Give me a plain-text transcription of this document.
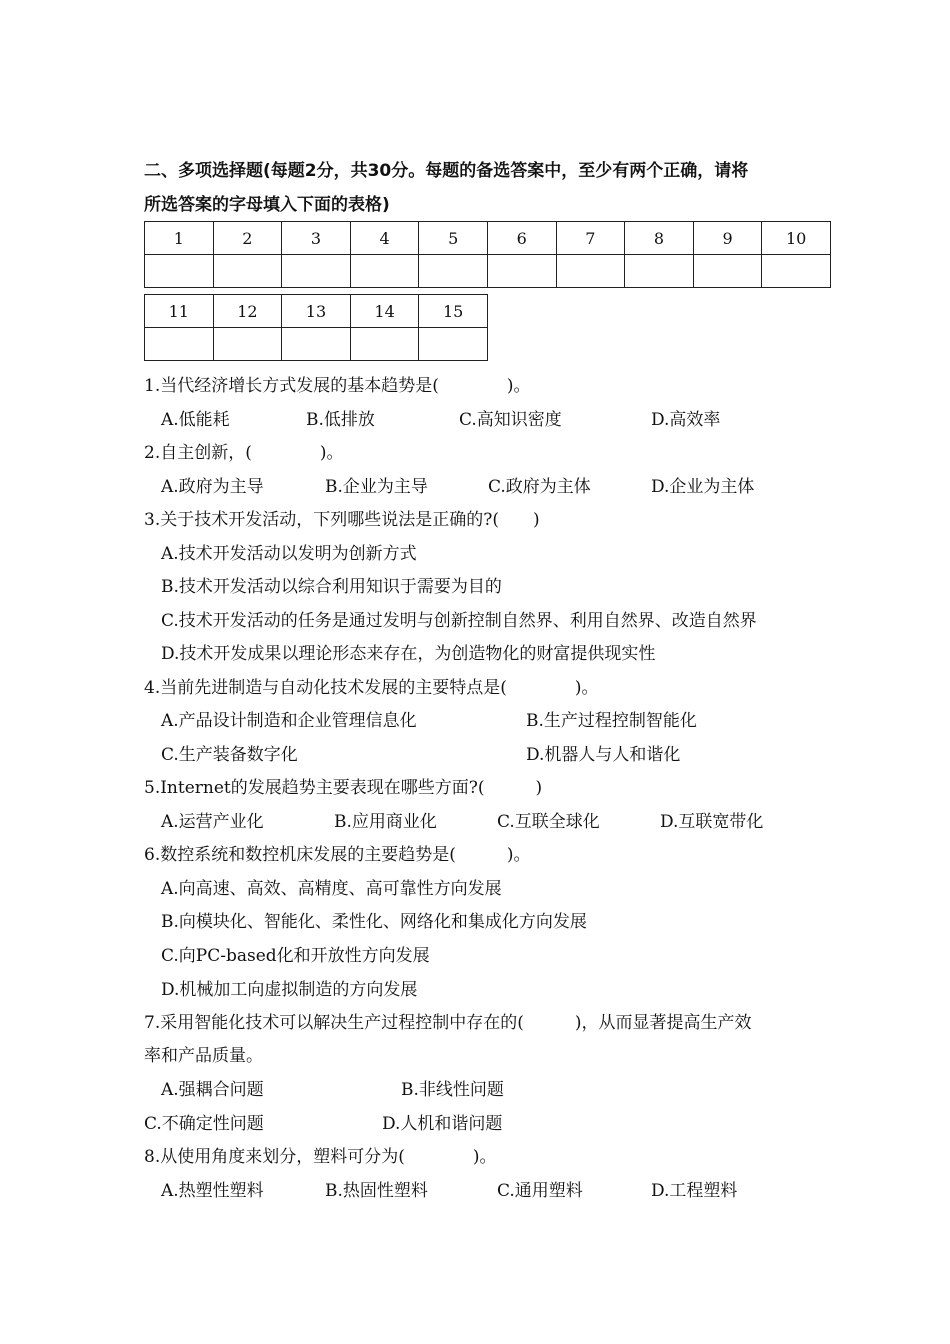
二、多项选择题(每题2分，共30分。每题的备选答案中，至少有两个正确，请将
所选答案的字母填入下面的表格)
1	2	3	4	5	6	7	8	9	10

11	12	13	14	15

1.当代经济增长方式发展的基本趋势是(　　　　)。
A.低能耗	B.低排放	C.高知识密度	D.高效率
2.自主创新，(　　　　)。
A.政府为主导	B.企业为主导	C.政府为主体	D.企业为主体
3.关于技术开发活动，下列哪些说法是正确的?(　　)
A.技术开发活动以发明为创新方式
B.技术开发活动以综合利用知识于需要为目的
C.技术开发活动的任务是通过发明与创新控制自然界、利用自然界、改造自然界
D.技术开发成果以理论形态来存在，为创造物化的财富提供现实性
4.当前先进制造与自动化技术发展的主要特点是(　　　　)。
A.产品设计制造和企业管理信息化	B.生产过程控制智能化
C.生产装备数字化	D.机器人与人和谐化
5.Internet的发展趋势主要表现在哪些方面?(　　　)
A.运营产业化	B.应用商业化	C.互联全球化	D.互联宽带化
6.数控系统和数控机床发展的主要趋势是(　　　)。
A.向高速、高效、高精度、高可靠性方向发展
B.向模块化、智能化、柔性化、网络化和集成化方向发展
C.向PC-based化和开放性方向发展
D.机械加工向虚拟制造的方向发展
7.采用智能化技术可以解决生产过程控制中存在的(　　　)，从而显著提高生产效
率和产品质量。
A.强耦合问题	B.非线性问题
C.不确定性问题	D.人机和谐问题
8.从使用角度来划分，塑料可分为(　　　　)。
A.热塑性塑料	B.热固性塑料	C.通用塑料	D.工程塑料
